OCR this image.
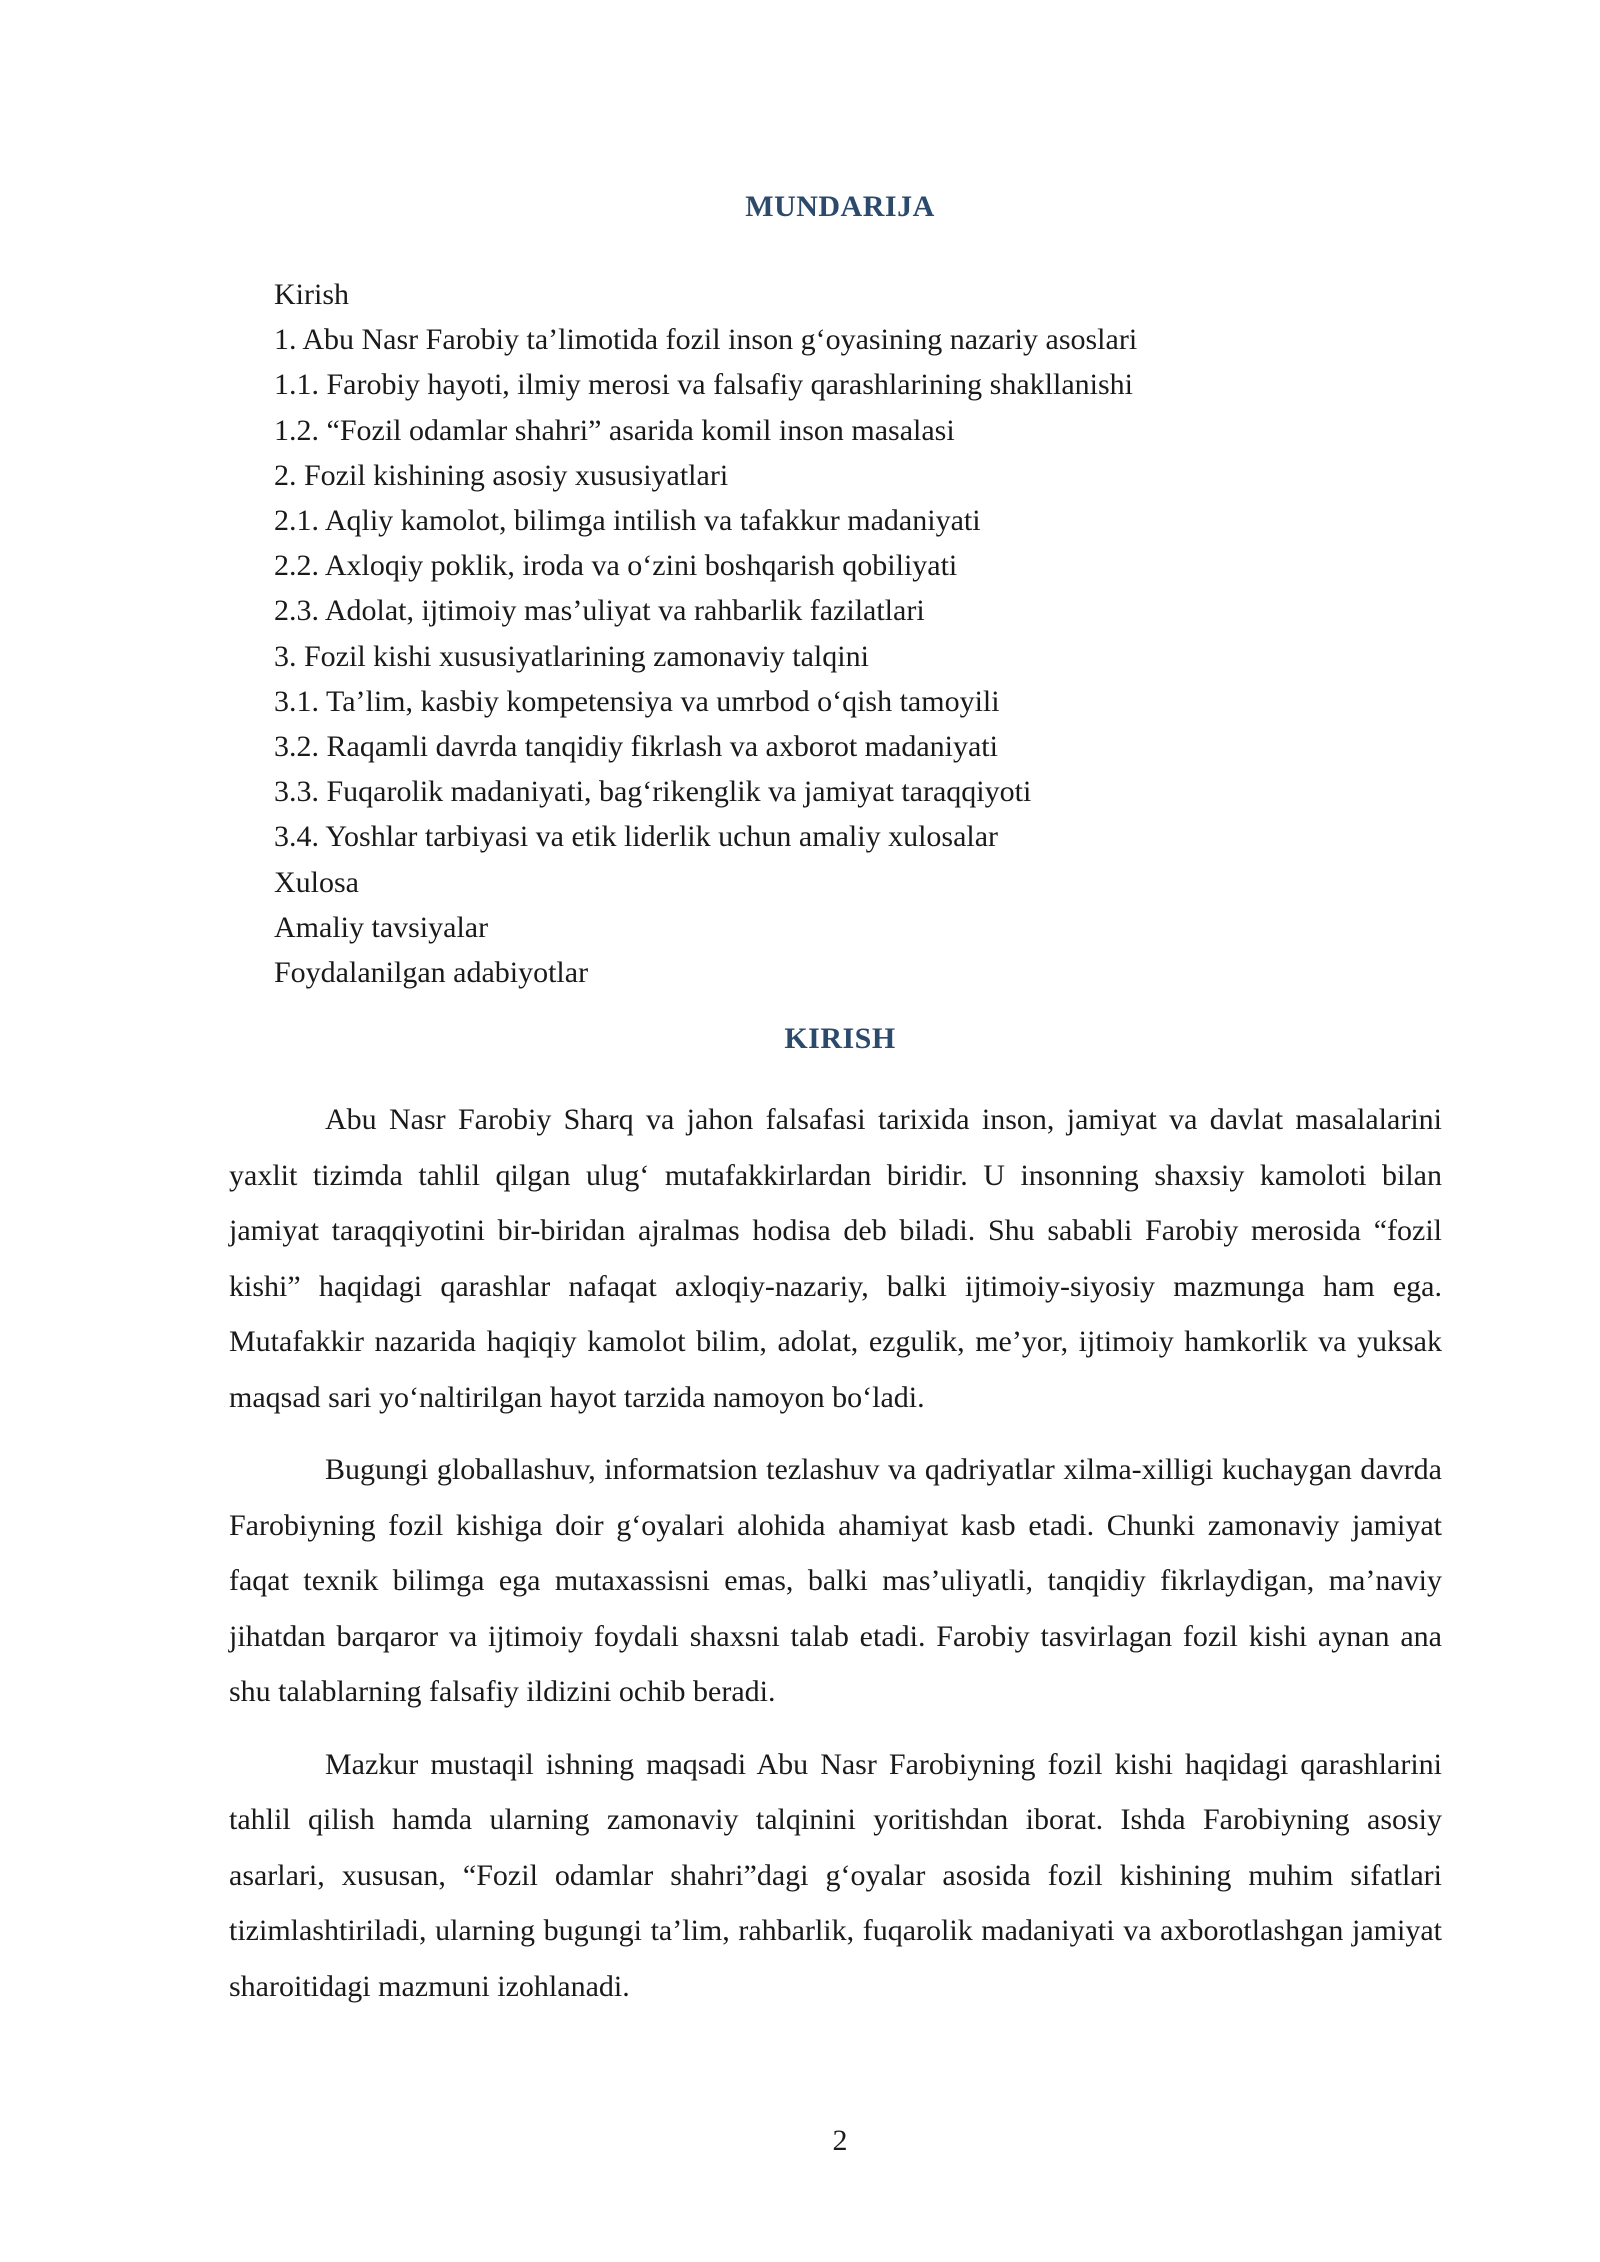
MUNDARIJA
Kirish
1. Abu Nasr Farobiy ta’limotida fozil inson g‘oyasining nazariy asoslari
1.1. Farobiy hayoti, ilmiy merosi va falsafiy qarashlarining shakllanishi
1.2. “Fozil odamlar shahri” asarida komil inson masalasi
2. Fozil kishining asosiy xususiyatlari
2.1. Aqliy kamolot, bilimga intilish va tafakkur madaniyati
2.2. Axloqiy poklik, iroda va o‘zini boshqarish qobiliyati
2.3. Adolat, ijtimoiy mas’uliyat va rahbarlik fazilatlari
3. Fozil kishi xususiyatlarining zamonaviy talqini
3.1. Ta’lim, kasbiy kompetensiya va umrbod o‘qish tamoyili
3.2. Raqamli davrda tanqidiy fikrlash va axborot madaniyati
3.3. Fuqarolik madaniyati, bag‘rikenglik va jamiyat taraqqiyoti
3.4. Yoshlar tarbiyasi va etik liderlik uchun amaliy xulosalar
Xulosa
Amaliy tavsiyalar
Foydalanilgan adabiyotlar
KIRISH

Abu Nasr Farobiy Sharq va jahon falsafasi tarixida inson, jamiyat va davlat masalalarini yaxlit tizimda tahlil qilgan ulug‘ mutafakkirlardan biridir. U insonning shaxsiy kamoloti bilan jamiyat taraqqiyotini bir-biridan ajralmas hodisa deb biladi. Shu sababli Farobiy merosida “fozil kishi” haqidagi qarashlar nafaqat axloqiy-nazariy, balki ijtimoiy-siyosiy mazmunga ham ega. Mutafakkir nazarida haqiqiy kamolot bilim, adolat, ezgulik, me’yor, ijtimoiy hamkorlik va yuksak maqsad sari yo‘naltirilgan hayot tarzida namoyon bo‘ladi.

Bugungi globallashuv, informatsion tezlashuv va qadriyatlar xilma-xilligi kuchaygan davrda Farobiyning fozil kishiga doir g‘oyalari alohida ahamiyat kasb etadi. Chunki zamonaviy jamiyat faqat texnik bilimga ega mutaxassisni emas, balki mas’uliyatli, tanqidiy fikrlaydigan, ma’naviy jihatdan barqaror va ijtimoiy foydali shaxsni talab etadi. Farobiy tasvirlagan fozil kishi aynan ana shu talablarning falsafiy ildizini ochib beradi.

Mazkur mustaqil ishning maqsadi Abu Nasr Farobiyning fozil kishi haqidagi qarashlarini tahlil qilish hamda ularning zamonaviy talqinini yoritishdan iborat. Ishda Farobiyning asosiy asarlari, xususan, “Fozil odamlar shahri”dagi g‘oyalar asosida fozil kishining muhim sifatlari tizimlashtiriladi, ularning bugungi ta’lim, rahbarlik, fuqarolik madaniyati va axborotlashgan jamiyat sharoitidagi mazmuni izohlanadi.

2
